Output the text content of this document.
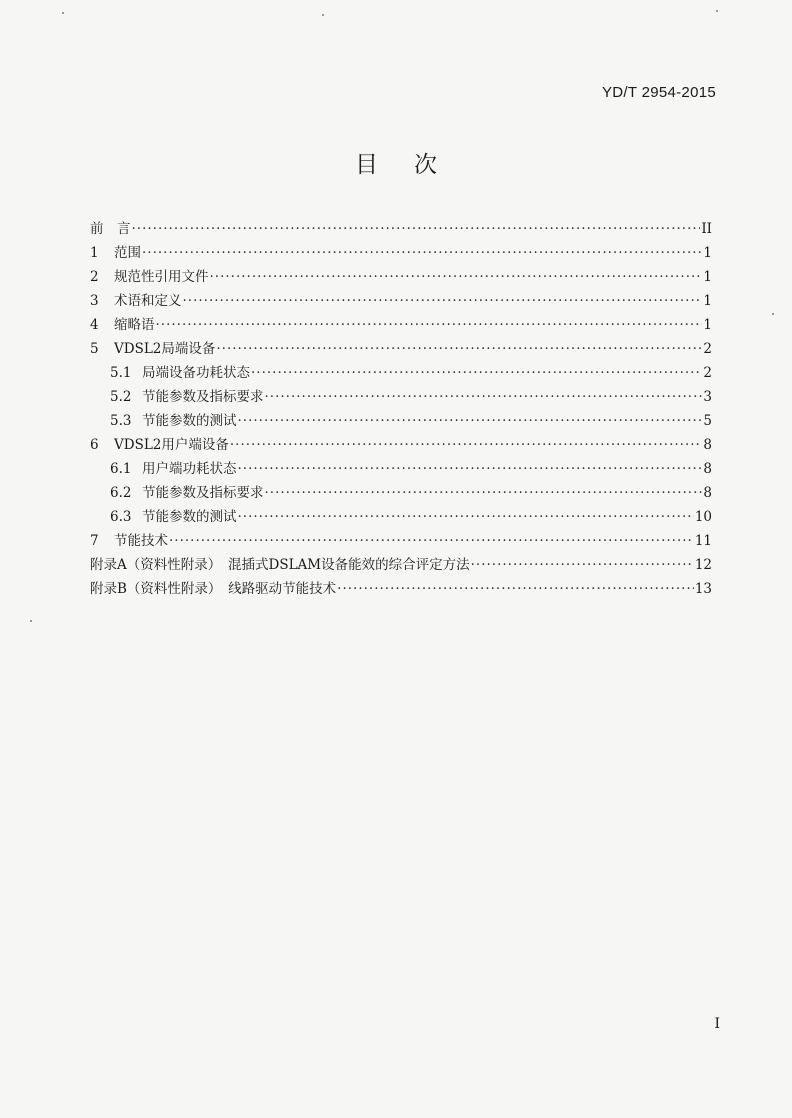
YD/T 2954-2015
目 次
前　言 ·····	II
1	范围 ·····	1
2	规范性引用文件 ·····	1
3	术语和定义 ·····	1
4	缩略语 ·····	1
5	VDSL2局端设备 ·····	2
5.1 局端设备功耗状态 ·····	2
5.2 节能参数及指标要求 ·····	3
5.3 节能参数的测试 ·····	5
6	VDSL2用户端设备 ·····	8
6.1 用户端功耗状态 ·····	8
6.2 节能参数及指标要求 ·····	8
6.3 节能参数的测试 ·····	10
7	节能技术 ·····	11
附录A（资料性附录）　混插式DSLAM设备能效的综合评定方法 ·····	12
附录B（资料性附录）　线路驱动节能技术 ·····	13
I
